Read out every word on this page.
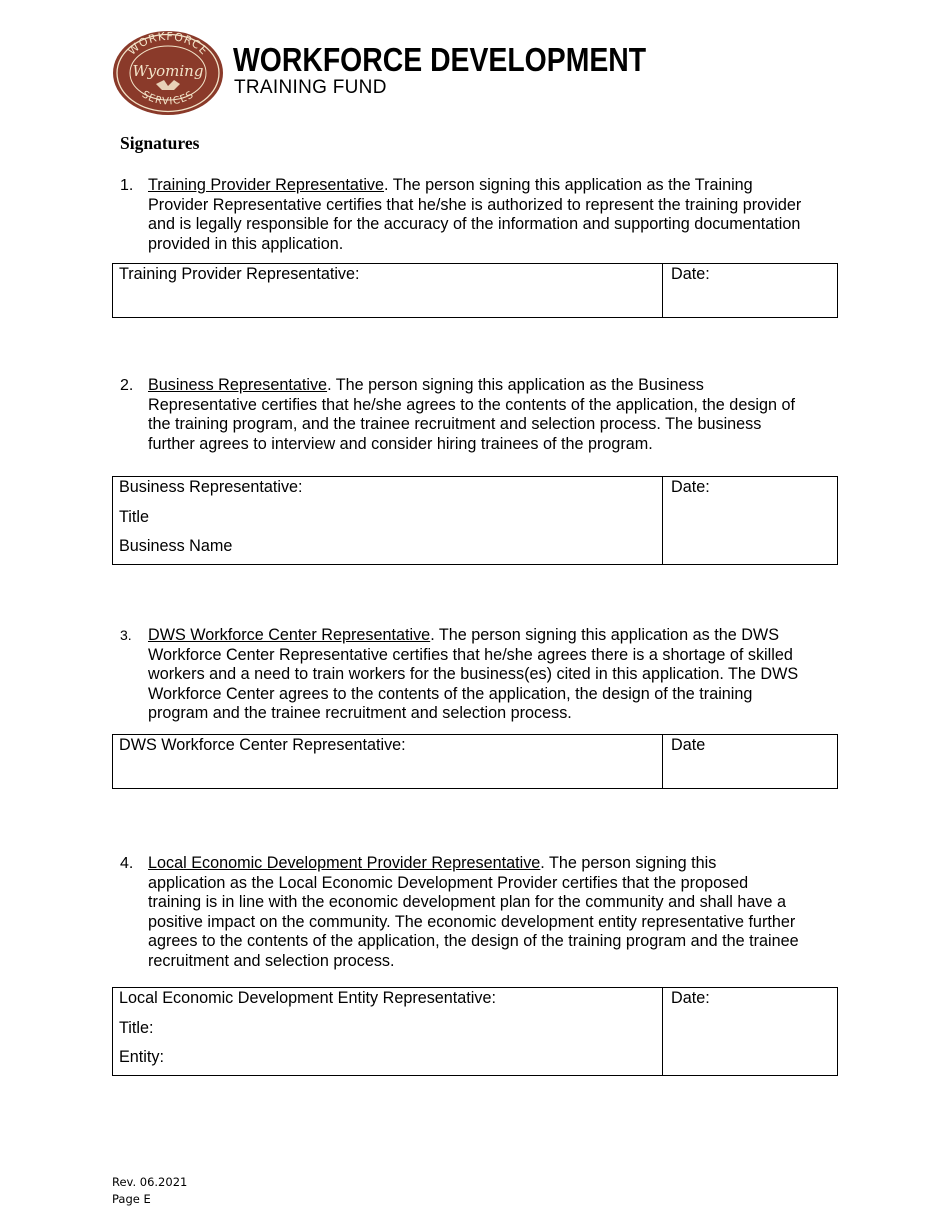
WORKFORCE
Wyoming
SERVICES
WORKFORCE DEVELOPMENT
TRAINING FUND
Signatures
1. Training Provider Representative. The person signing this application as the Training
Provider Representative certifies that he/she is authorized to represent the training provider
and is legally responsible for the accuracy of the information and supporting documentation
provided in this application.
Training Provider Representative:	Date:
2. Business Representative. The person signing this application as the Business
Representative certifies that he/she agrees to the contents of the application, the design of
the training program, and the trainee recruitment and selection process. The business
further agrees to interview and consider hiring trainees of the program.
Business Representative:
Title
Business Name
Date:
3. DWS Workforce Center Representative. The person signing this application as the DWS
Workforce Center Representative certifies that he/she agrees there is a shortage of skilled
workers and a need to train workers for the business(es) cited in this application. The DWS
Workforce Center agrees to the contents of the application, the design of the training
program and the trainee recruitment and selection process.
DWS Workforce Center Representative:	Date
4. Local Economic Development Provider Representative. The person signing this
application as the Local Economic Development Provider certifies that the proposed
training is in line with the economic development plan for the community and shall have a
positive impact on the community. The economic development entity representative further
agrees to the contents of the application, the design of the training program and the trainee
recruitment and selection process.
Local Economic Development Entity Representative:
Title:
Entity:
Date:
Rev. 06.2021
Page E
